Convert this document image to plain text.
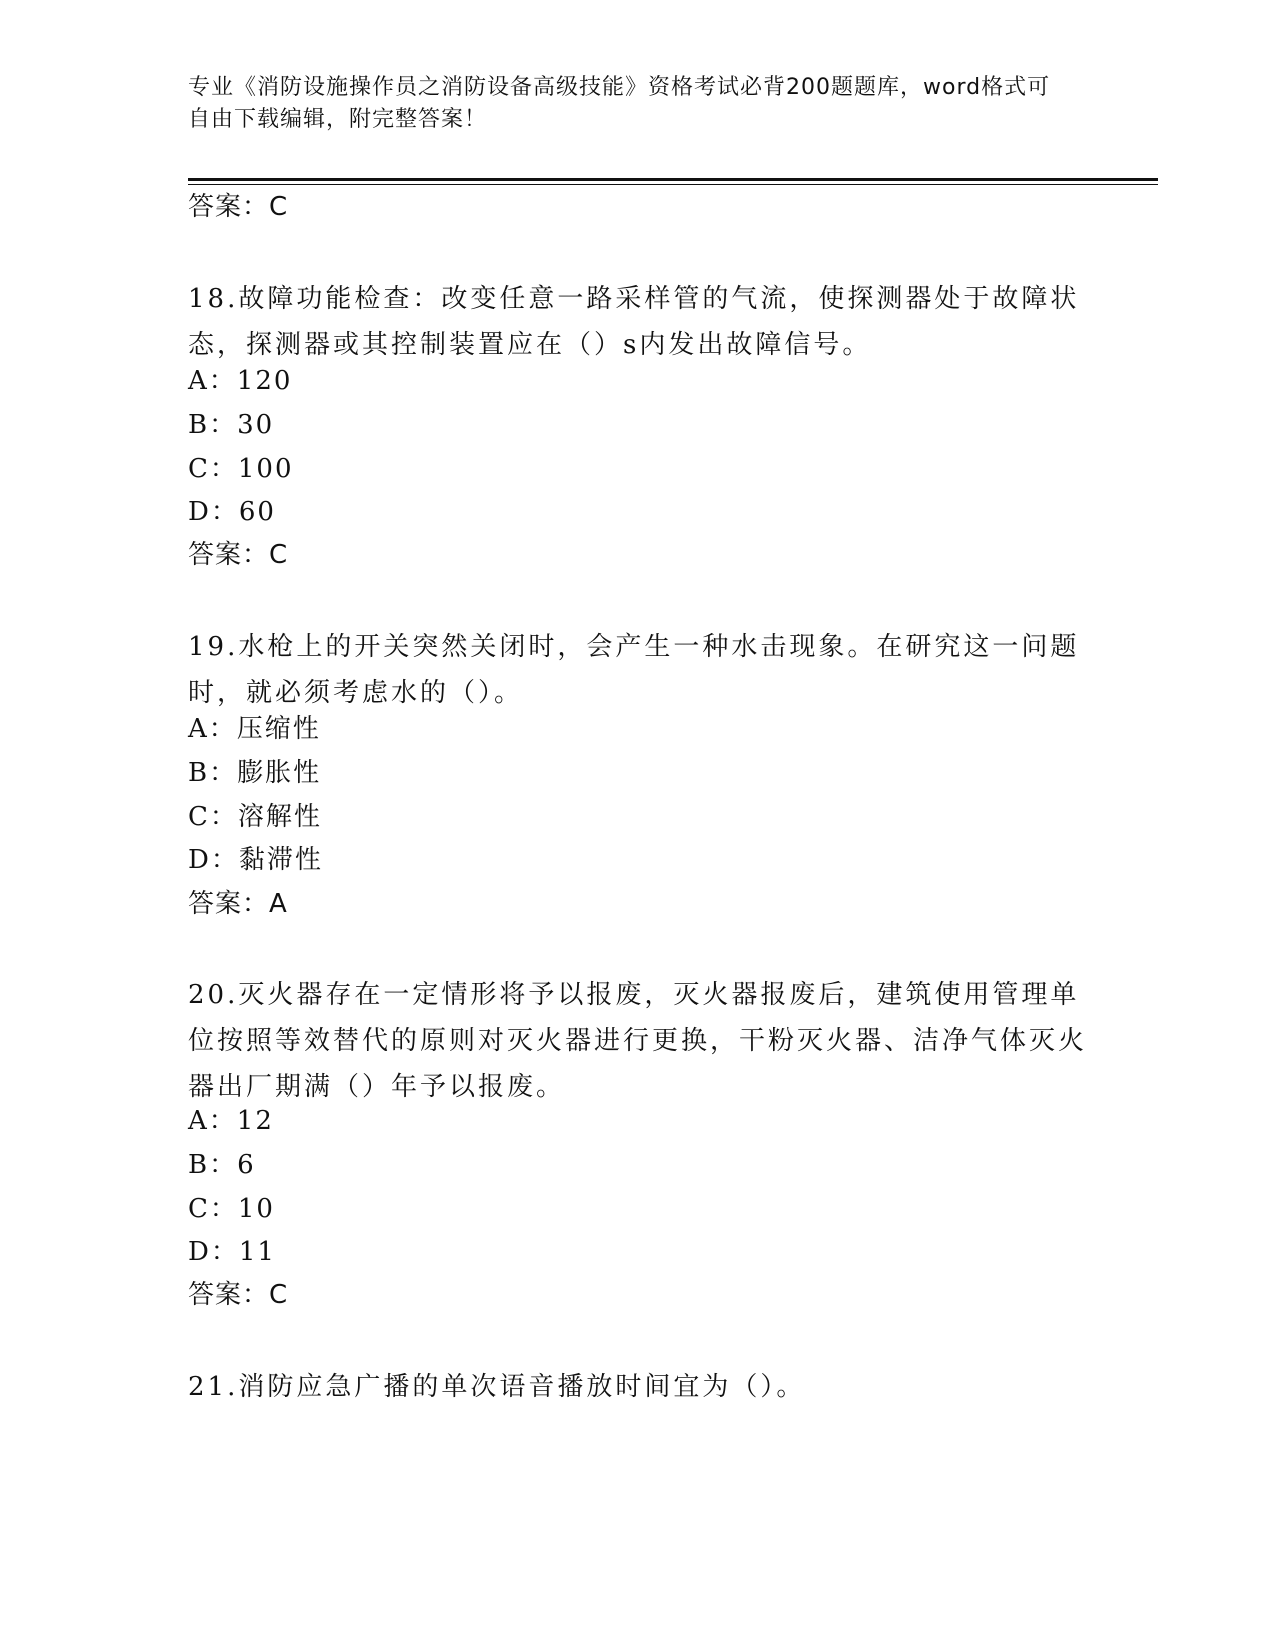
专业《消防设施操作员之消防设备高级技能》资格考试必背200题题库，word格式可自由下载编辑，附完整答案！
答案：C
18.故障功能检查：改变任意一路采样管的气流，使探测器处于故障状态，探测器或其控制装置应在（）s内发出故障信号。
A：120
B：30
C：100
D：60
答案：C
19.水枪上的开关突然关闭时，会产生一种水击现象。在研究这一问题时，就必须考虑水的（）。
A：压缩性
B：膨胀性
C：溶解性
D：黏滞性
答案：A
20.灭火器存在一定情形将予以报废，灭火器报废后，建筑使用管理单位按照等效替代的原则对灭火器进行更换，干粉灭火器、洁净气体灭火器出厂期满（）年予以报废。
A：12
B：6
C：10
D：11
答案：C
21.消防应急广播的单次语音播放时间宜为（）。
